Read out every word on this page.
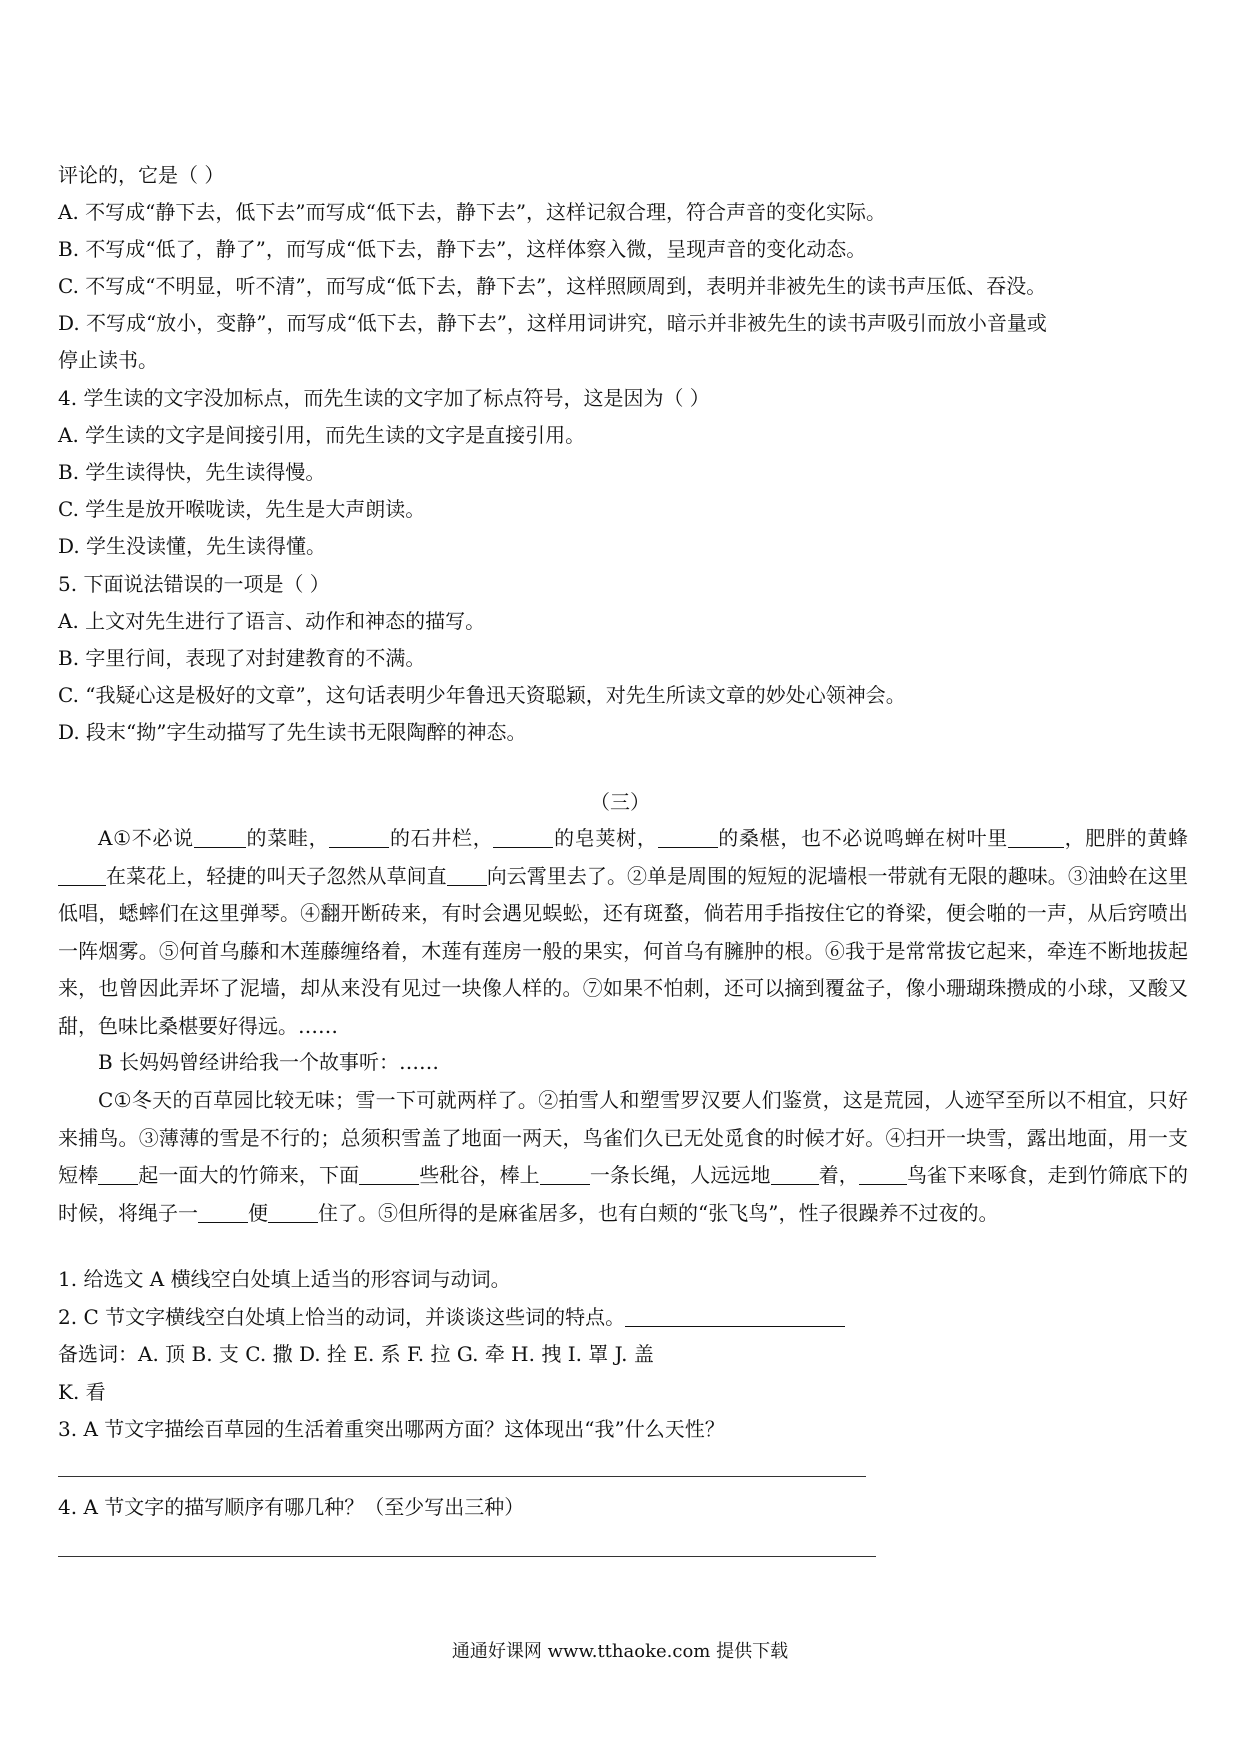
评论的，它是（ ）
A. 不写成“静下去，低下去”而写成“低下去，静下去”，这样记叙合理，符合声音的变化实际。
B. 不写成“低了，静了”，而写成“低下去，静下去”，这样体察入微，呈现声音的变化动态。
C. 不写成“不明显，听不清”，而写成“低下去，静下去”，这样照顾周到，表明并非被先生的读书声压低、吞没。
D. 不写成“放小，变静”，而写成“低下去，静下去”，这样用词讲究，暗示并非被先生的读书声吸引而放小音量或
停止读书。
4. 学生读的文字没加标点，而先生读的文字加了标点符号，这是因为（ ）
A. 学生读的文字是间接引用，而先生读的文字是直接引用。
B. 学生读得快，先生读得慢。
C. 学生是放开喉咙读，先生是大声朗读。
D. 学生没读懂，先生读得懂。
5. 下面说法错误的一项是（ ）
A. 上文对先生进行了语言、动作和神态的描写。
B. 字里行间，表现了对封建教育的不满。
C. “我疑心这是极好的文章”，这句话表明少年鲁迅天资聪颖，对先生所读文章的妙处心领神会。
D. 段末“拗”字生动描写了先生读书无限陶醉的神态。
（三）
A①不必说	的菜畦，	的石井栏，	的皂荚树，	的桑椹，也不必说鸣蝉在树叶里	，肥胖的黄蜂在菜花上，轻捷的叫天子忽然从草间直 向云霄里去了。②单是周围的短短的泥墙根一带就有无限的趣味。③油蛉在这里低唱，蟋蟀们在这里弹琴。④翻开断砖来，有时会遇见蜈蚣，还有斑蝥，倘若用手指按住它的脊梁，便会啪的一声，从后窍喷出一阵烟雾。⑤何首乌藤和木莲藤缠络着，木莲有莲房一般的果实，何首乌有臃肿的根。⑥我于是常常拔它起来，牵连不断地拔起来，也曾因此弄坏了泥墙，却从来没有见过一块像人样的。⑦如果不怕刺，还可以摘到覆盆子，像小珊瑚珠攒成的小球，又酸又甜，色味比桑椹要好得远。……
B 长妈妈曾经讲给我一个故事听：……
C①冬天的百草园比较无味；雪一下可就两样了。②拍雪人和塑雪罗汉要人们鉴赏，这是荒园，人迹罕至所以不相宜，只好来捕鸟。③薄薄的雪是不行的；总须积雪盖了地面一两天，鸟雀们久已无处觅食的时候才好。④扫开一块雪，露出地面，用一支短棒 起一面大的竹筛来，下面	些秕谷，棒上	一条长绳，人远远地 着， 鸟雀下来啄食，走到竹筛底下的时候，将绳子一	便	住了。⑤但所得的是麻雀居多，也有白颊的“张飞鸟”，性子很躁养不过夜的。
1. 给选文 A 横线空白处填上适当的形容词与动词。
2. C 节文字横线空白处填上恰当的动词，并谈谈这些词的特点。
备选词：A. 顶 B. 支 C. 撒 D. 拴 E. 系 F. 拉 G. 牵 H. 拽 I. 罩 J. 盖
K. 看
3. A 节文字描绘百草园的生活着重突出哪两方面？这体现出“我”什么天性？
4. A 节文字的描写顺序有哪几种？（至少写出三种）
通通好课网 www.tthaoke.com 提供下载
